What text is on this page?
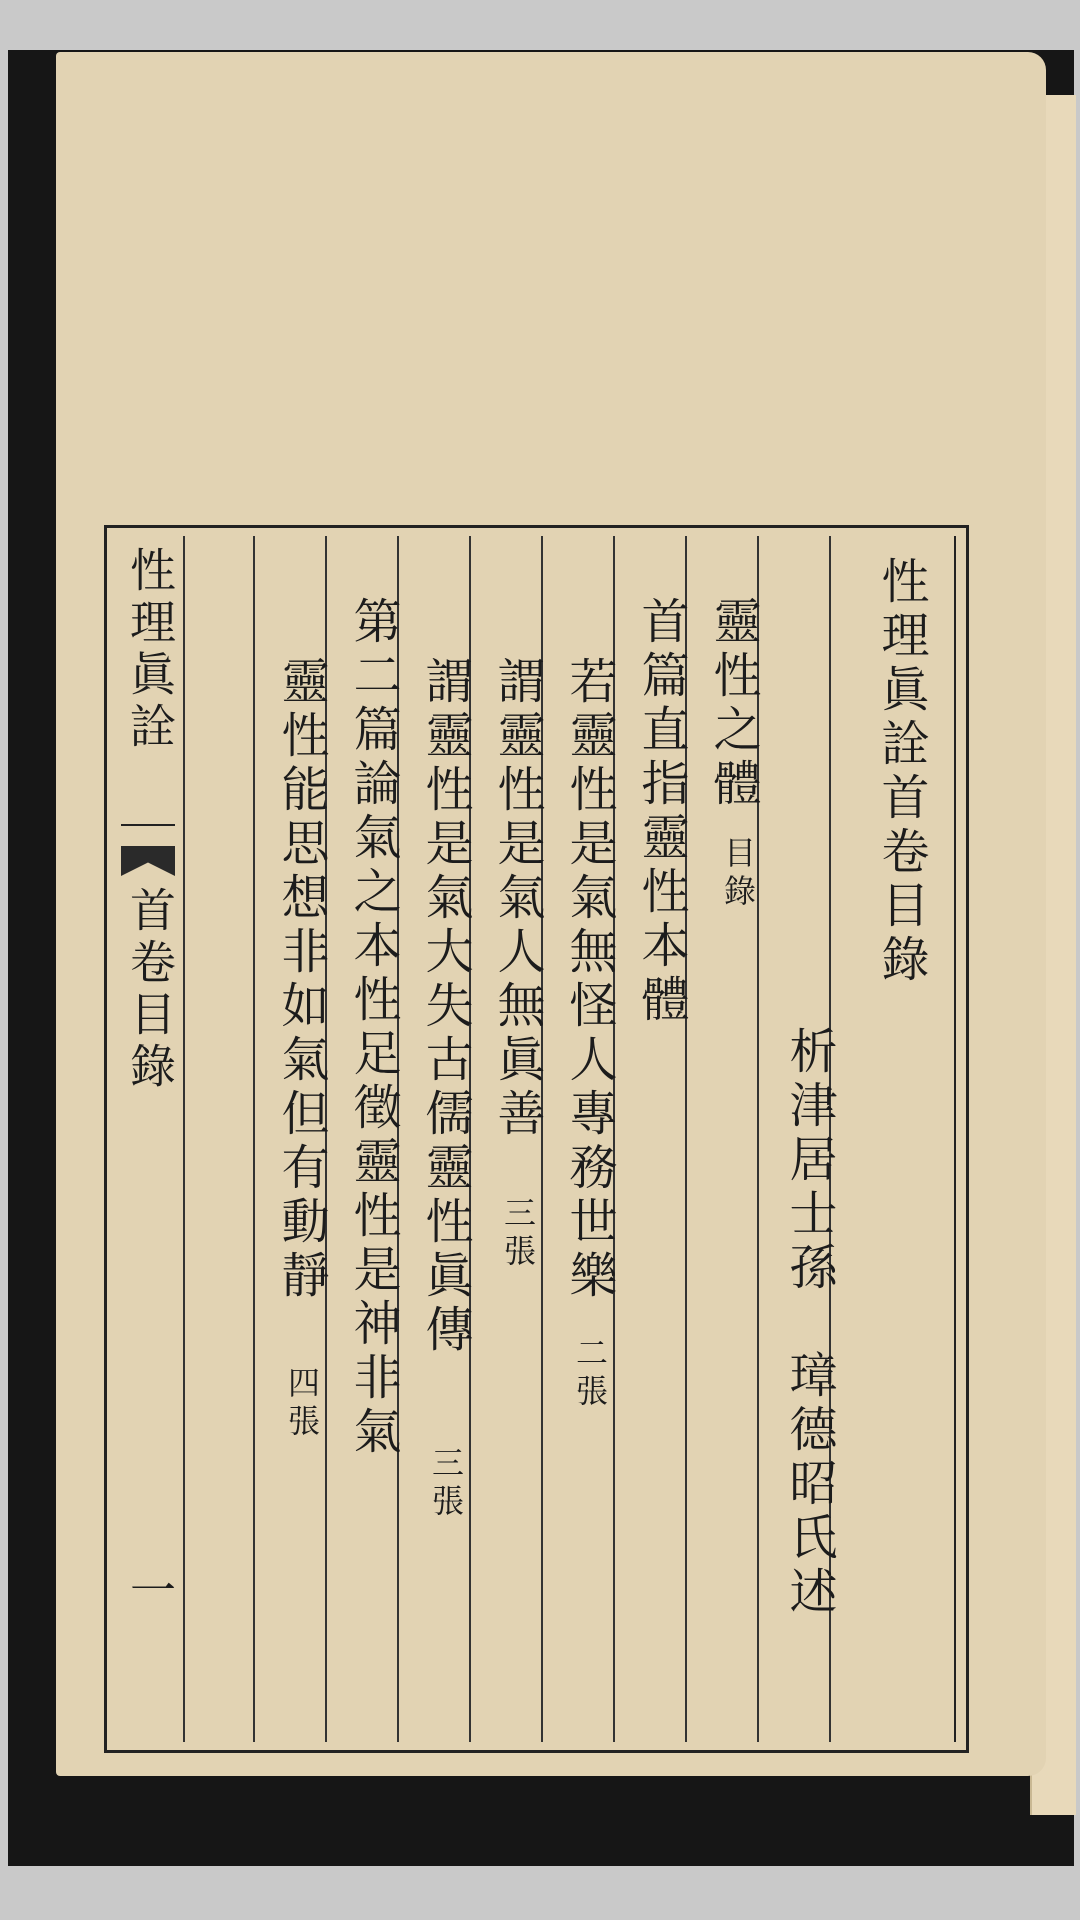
性理眞詮
首卷目錄
一
性理眞詮首卷目錄
析津居士孫　璋德昭氏述
靈性之體
目錄
首篇直指靈性本體
若靈性是氣無怪人專務世樂
二張
謂靈性是氣人無眞善
三張
謂靈性是氣大失古儒靈性眞傳
三張
第二篇論氣之本性足徵靈性是神非氣
靈性能思想非如氣但有動靜
四張
